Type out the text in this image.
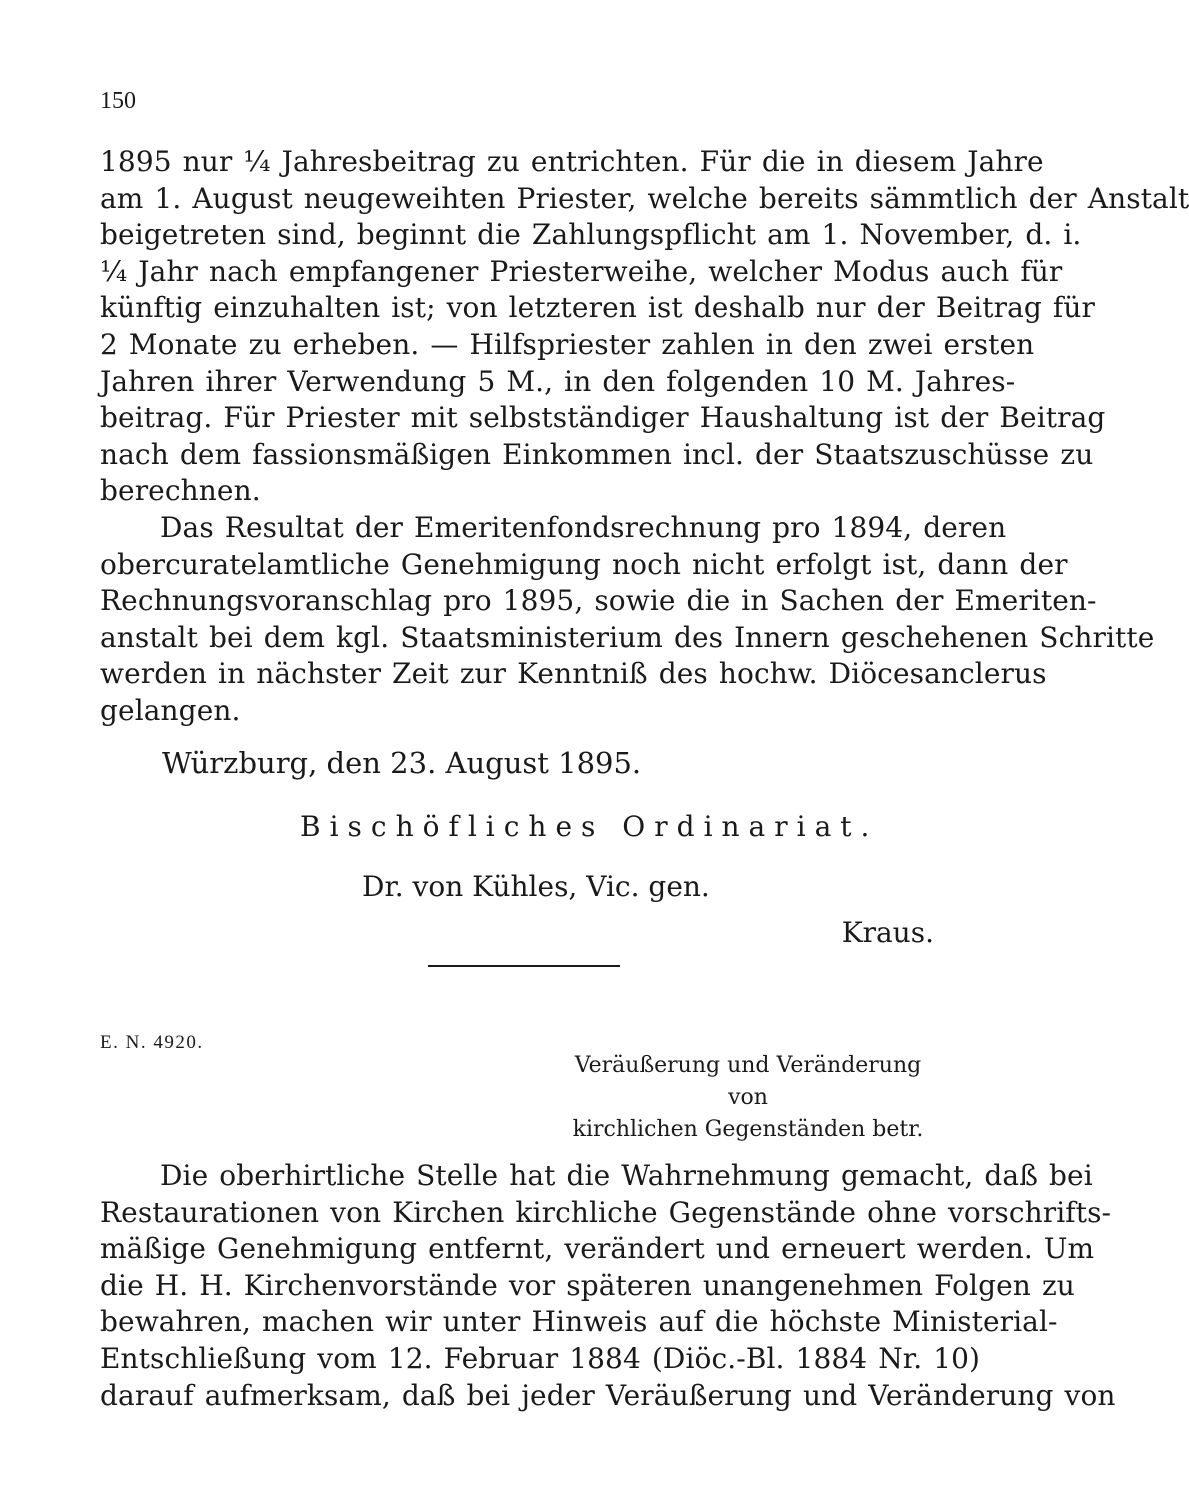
150
1895 nur ¼ Jahresbeitrag zu entrichten. Für die in diesem Jahre
am 1. August neugeweihten Priester, welche bereits sämmtlich der Anstalt
beigetreten sind, beginnt die Zahlungspflicht am 1. November, d. i.
¼ Jahr nach empfangener Priesterweihe, welcher Modus auch für
künftig einzuhalten ist; von letzteren ist deshalb nur der Beitrag für
2 Monate zu erheben. — Hilfspriester zahlen in den zwei ersten
Jahren ihrer Verwendung 5 M., in den folgenden 10 M. Jahres-
beitrag. Für Priester mit selbstständiger Haushaltung ist der Beitrag
nach dem fassionsmäßigen Einkommen incl. der Staatszuschüsse zu
berechnen.
Das Resultat der Emeritenfondsrechnung pro 1894, deren
obercuratelamtliche Genehmigung noch nicht erfolgt ist, dann der
Rechnungsvoranschlag pro 1895, sowie die in Sachen der Emeriten-
anstalt bei dem kgl. Staatsministerium des Innern geschehenen Schritte
werden in nächster Zeit zur Kenntniß des hochw. Diöcesanclerus
gelangen.
Würzburg, den 23. August 1895.
Bischöfliches Ordinariat.
Dr. von Kühles, Vic. gen.
Kraus.
E. N. 4920.
Veräußerung und Veränderung von
kirchlichen Gegenständen betr.
Die oberhirtliche Stelle hat die Wahrnehmung gemacht, daß bei
Restaurationen von Kirchen kirchliche Gegenstände ohne vorschrifts-
mäßige Genehmigung entfernt, verändert und erneuert werden. Um
die H. H. Kirchenvorstände vor späteren unangenehmen Folgen zu
bewahren, machen wir unter Hinweis auf die höchste Ministerial-
Entschließung vom 12. Februar 1884 (Diöc.-Bl. 1884 Nr. 10)
darauf aufmerksam, daß bei jeder Veräußerung und Veränderung von
